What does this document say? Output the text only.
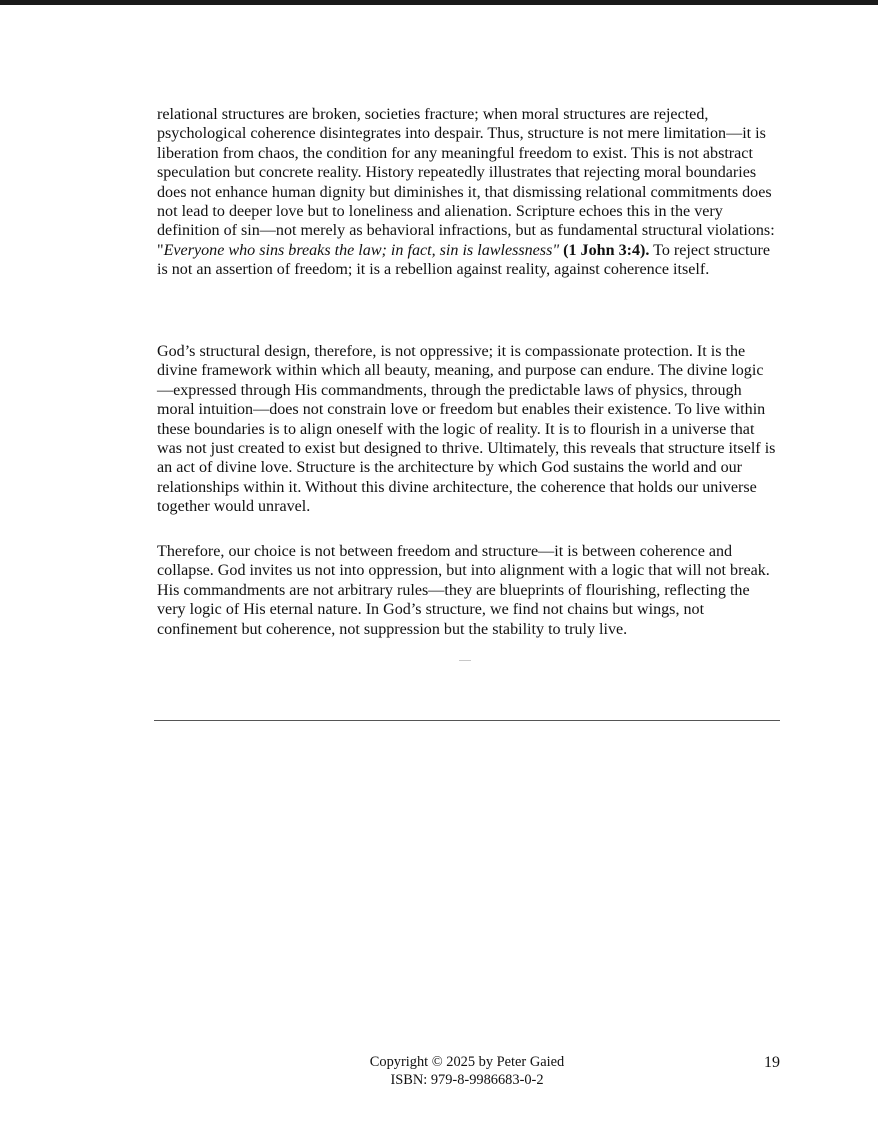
relational structures are broken, societies fracture; when moral structures are rejected, psychological coherence disintegrates into despair. Thus, structure is not mere limitation—it is liberation from chaos, the condition for any meaningful freedom to exist. This is not abstract speculation but concrete reality. History repeatedly illustrates that rejecting moral boundaries does not enhance human dignity but diminishes it, that dismissing relational commitments does not lead to deeper love but to loneliness and alienation. Scripture echoes this in the very definition of sin—not merely as behavioral infractions, but as fundamental structural violations: "Everyone who sins breaks the law; in fact, sin is lawlessness" (1 John 3:4). To reject structure is not an assertion of freedom; it is a rebellion against reality, against coherence itself.

God’s structural design, therefore, is not oppressive; it is compassionate protection. It is the divine framework within which all beauty, meaning, and purpose can endure. The divine logic—expressed through His commandments, through the predictable laws of physics, through moral intuition—does not constrain love or freedom but enables their existence. To live within these boundaries is to align oneself with the logic of reality. It is to flourish in a universe that was not just created to exist but designed to thrive. Ultimately, this reveals that structure itself is an act of divine love. Structure is the architecture by which God sustains the world and our relationships within it. Without this divine architecture, the coherence that holds our universe together would unravel.

Therefore, our choice is not between freedom and structure—it is between coherence and collapse. God invites us not into oppression, but into alignment with a logic that will not break. His commandments are not arbitrary rules—they are blueprints of flourishing, reflecting the very logic of His eternal nature. In God’s structure, we find not chains but wings, not confinement but coherence, not suppression but the stability to truly live.

Copyright © 2025 by Peter Gaied
ISBN: 979-8-9986683-0-2
19
